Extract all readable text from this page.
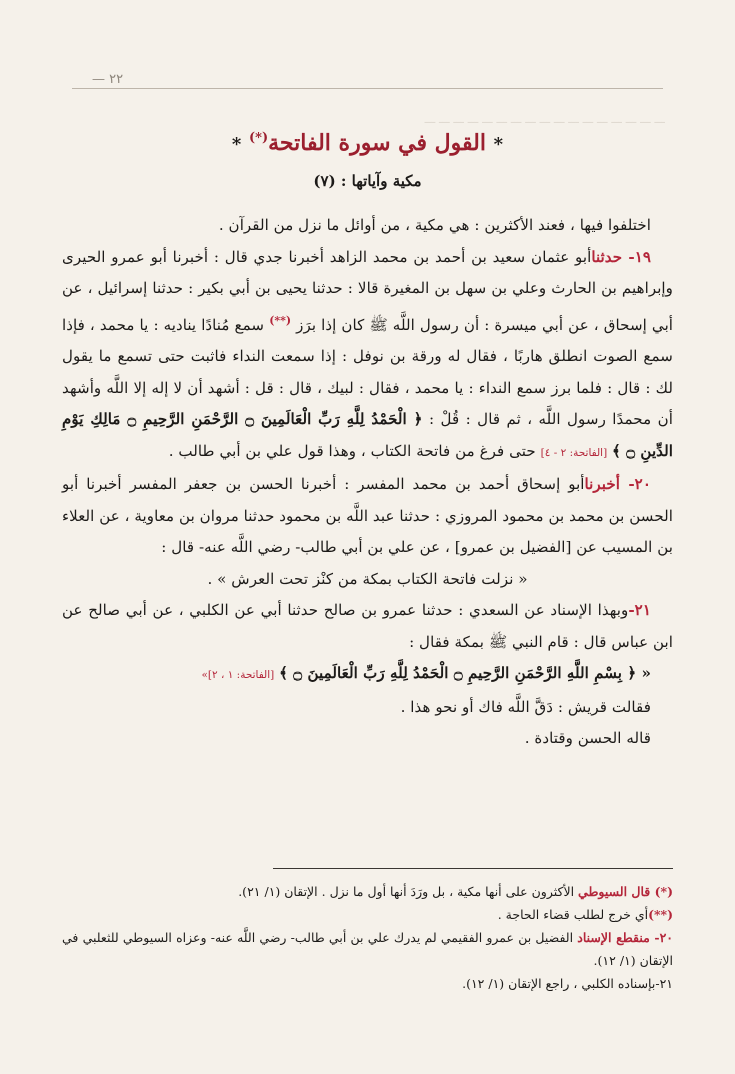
— ٢٢
ـــ ـــ ـــ ـــ ـــ ـــ ـــ ـــ ـــ ـــ ـــ ـــ ـــ ـــ ـــ ـــ ـــ
* القول في سورة الفاتحة(*) *
مكية وآياتها : (٧)

اختلفوا فيها ، فعند الأكثرين : هي مكية ، من أوائل ما نزل من القرآن .

١٩- حدثناأبو عثمان سعيد بن أحمد بن محمد الزاهد أخبرنا جدي قال : أخبرنا أبو عمرو الحيرى وإبراهيم بن الحارث وعلي بن سهل بن المغيرة قالا : حدثنا يحيى بن أبي بكير : حدثنا إسرائيل ، عن أبي إسحاق ، عن أبي ميسرة : أن رسول اللَّه ﷺ كان إذا برَز (**) سمع مُنادًا يناديه : يا محمد ، فإذا سمع الصوت انطلق هاربًا ، فقال له ورقة بن نوفل : إذا سمعت النداء فاثبت حتى تسمع ما يقول لك : قال : فلما برز سمع النداء : يا محمد ، فقال : لبيك ، قال : قل : أشهد أن لا إله إلا اللَّه وأشهد أن محمدًا رسول اللَّه ، ثم قال : قُلْ : ﴿ الْحَمْدُ لِلَّهِ رَبِّ الْعَالَمِينَ ۝ الرَّحْمَنِ الرَّحِيمِ ۝ مَالِكِ يَوْمِ الدِّينِ ۝ ﴾ [الفاتحة: ٢ - ٤] حتى فرغ من فاتحة الكتاب ، وهذا قول علي بن أبي طالب .

٢٠- أخبرناأبو إسحاق أحمد بن محمد المفسر : أخبرنا الحسن بن جعفر المفسر أخبرنا أبو الحسن بن محمد بن محمود المروزي : حدثنا عبد اللَّه بن محمود حدثنا مروان بن معاوية ، عن العلاء بن المسيب عن [الفضيل بن عمرو] ، عن علي بن أبي طالب- رضي اللَّه عنه- قال :

« نزلت فاتحة الكتاب بمكة من كنْز تحت العرش » .

٢١-وبهذا الإسناد عن السعدي : حدثنا عمرو بن صالح حدثنا أبي عن الكلبي ، عن أبي صالح عن ابن عباس قال : قام النبي ﷺ بمكة فقال :

« ﴿ بِسْمِ اللَّهِ الرَّحْمَنِ الرَّحِيمِ ۝ الْحَمْدُ لِلَّهِ رَبِّ الْعَالَمِينَ ۝ ﴾ [الفاتحة: ١ ، ٢]»

فقالت قريش : دَقَّ اللَّه فاك أو نحو هذا .

قاله الحسن وقتادة .

(*) قال السيوطي الأكثرون على أنها مكية ، بل ورَدَ أنها أول ما نزل . الإتقان (١/ ٢١).

(**)أي خرج لطلب قضاء الحاجة .

٢٠- منقطع الإسناد الفضيل بن عمرو الفقيمي لم يدرك علي بن أبي طالب- رضي اللَّه عنه- وعزاه السيوطي للثعلبي في الإتقان (١/ ١٢).

٢١-بإسناده الكلبي ، راجع الإتقان (١/ ١٢).
